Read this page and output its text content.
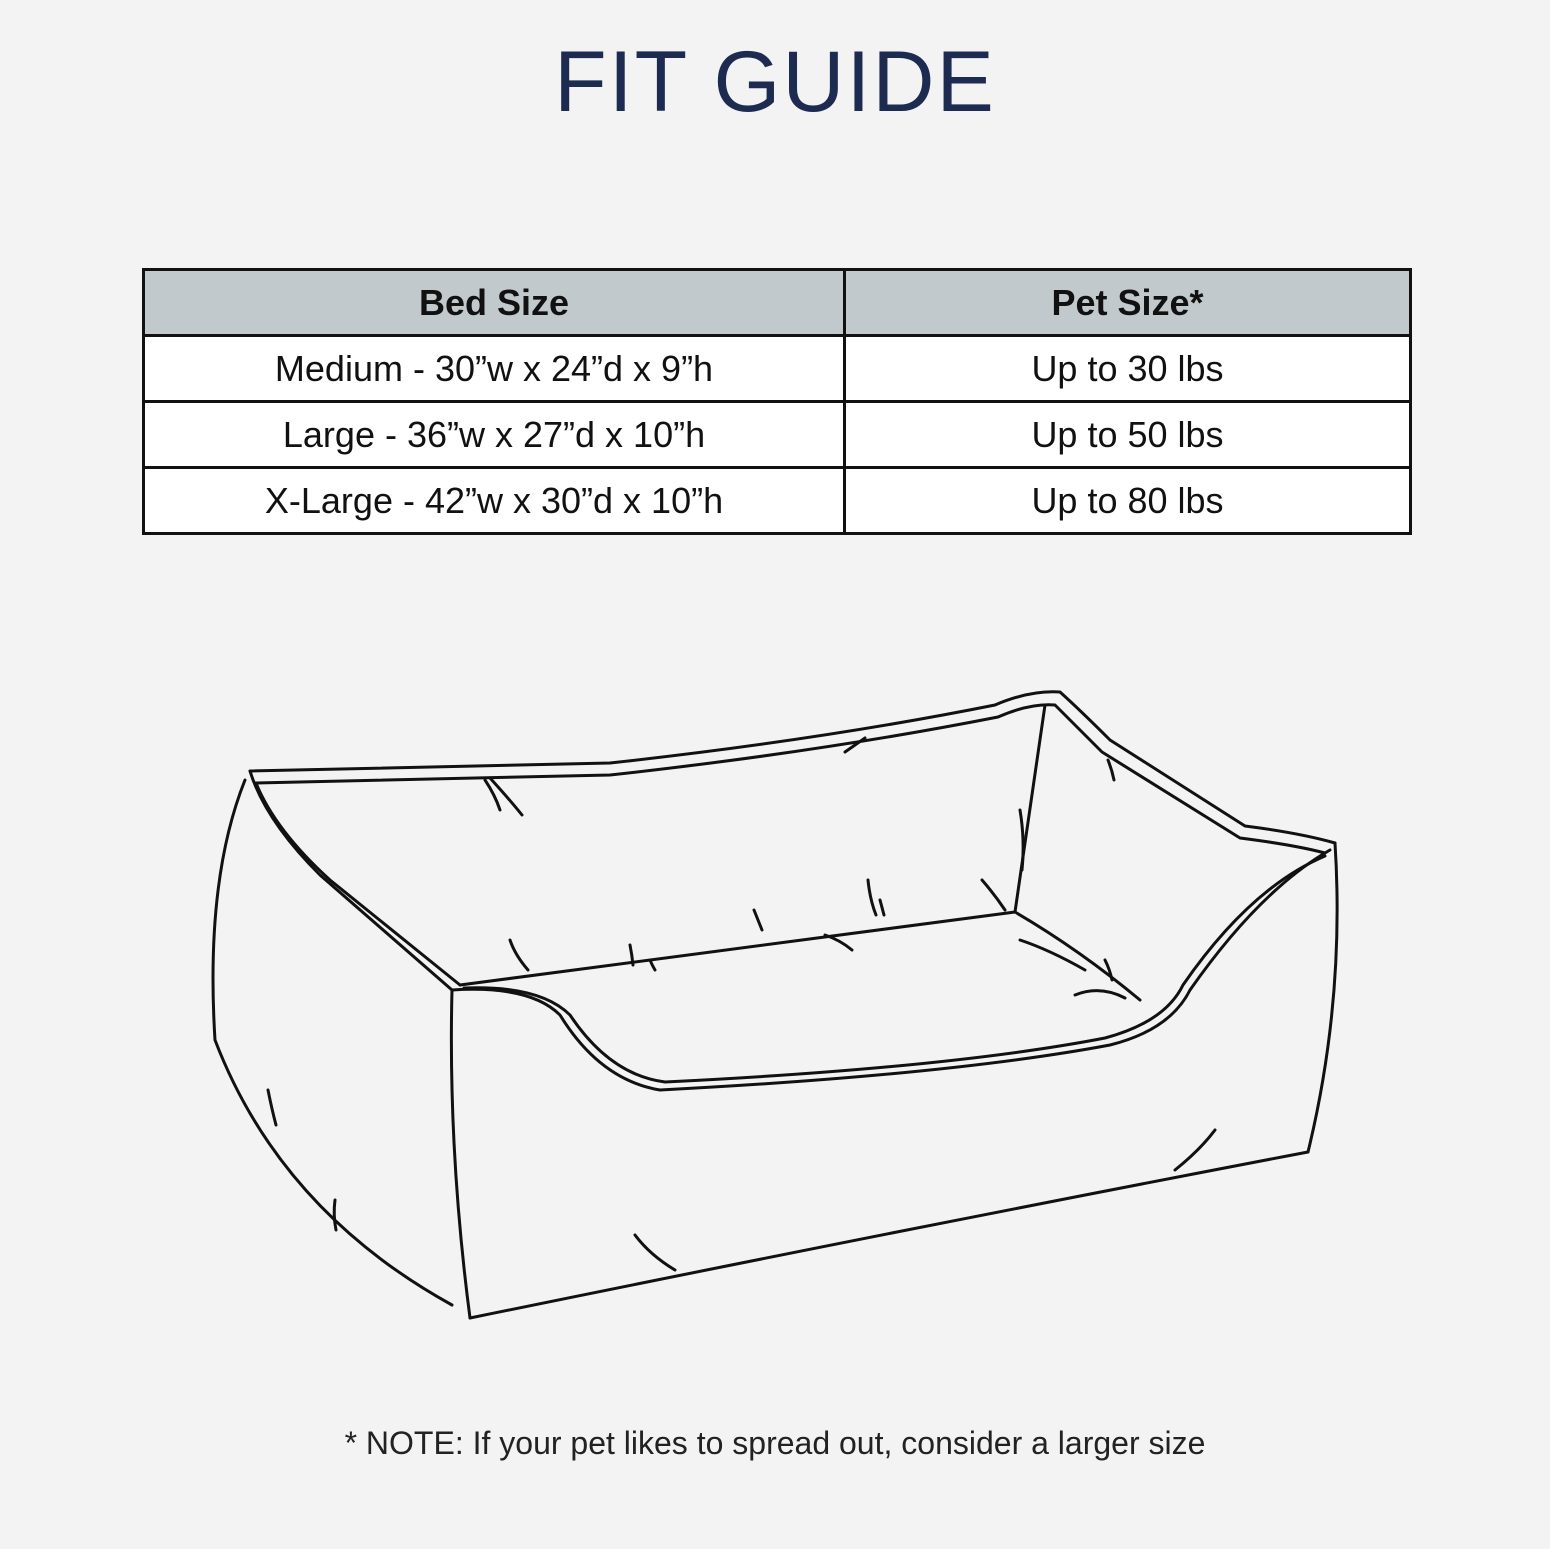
FIT GUIDE
Bed Size	Pet Size*
Medium - 30”w x 24”d x 9”h	Up to 30 lbs
Large - 36”w x 27”d x 10”h	Up to 50 lbs
X-Large - 42”w x 30”d x 10”h	Up to 80 lbs

* NOTE: If your pet likes to spread out, consider a larger size
